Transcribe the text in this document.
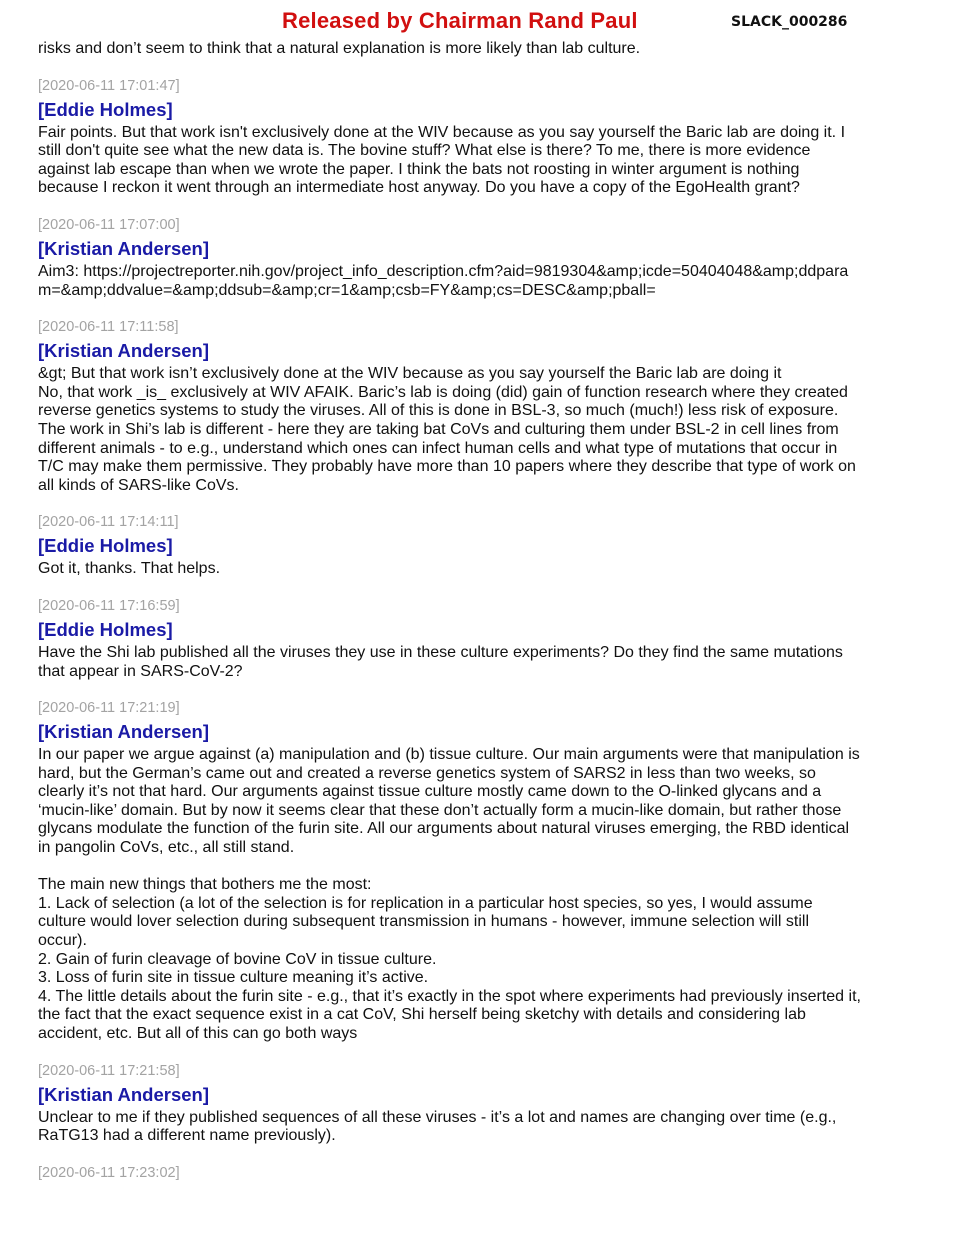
Released by Chairman Rand Paul	SLACK_000286
risks and don’t seem to think that a natural explanation is more likely than lab culture.
[2020-06-11 17:01:47]
[Eddie Holmes]
Fair points. But that work isn't exclusively done at the WIV because as you say yourself the Baric lab are doing it. I
still don't quite see what the new data is. The bovine stuff? What else is there? To me, there is more evidence
against lab escape than when we wrote the paper. I think the bats not roosting in winter argument is nothing
because I reckon it went through an intermediate host anyway. Do you have a copy of the EgoHealth grant?
[2020-06-11 17:07:00]
[Kristian Andersen]
Aim3: https://projectreporter.nih.gov/project_info_description.cfm?aid=9819304&amp;icde=50404048&amp;ddpara
m=&amp;ddvalue=&amp;ddsub=&amp;cr=1&amp;csb=FY&amp;cs=DESC&amp;pball=
[2020-06-11 17:11:58]
[Kristian Andersen]
&gt; But that work isn’t exclusively done at the WIV because as you say yourself the Baric lab are doing it
No, that work _is_ exclusively at WIV AFAIK. Baric’s lab is doing (did) gain of function research where they created
reverse genetics systems to study the viruses. All of this is done in BSL-3, so much (much!) less risk of exposure.
The work in Shi’s lab is different - here they are taking bat CoVs and culturing them under BSL-2 in cell lines from
different animals - to e.g., understand which ones can infect human cells and what type of mutations that occur in
T/C may make them permissive. They probably have more than 10 papers where they describe that type of work on
all kinds of SARS-like CoVs.
[2020-06-11 17:14:11]
[Eddie Holmes]
Got it, thanks. That helps.
[2020-06-11 17:16:59]
[Eddie Holmes]
Have the Shi lab published all the viruses they use in these culture experiments? Do they find the same mutations
that appear in SARS-CoV-2?
[2020-06-11 17:21:19]
[Kristian Andersen]
In our paper we argue against (a) manipulation and (b) tissue culture. Our main arguments were that manipulation is
hard, but the German’s came out and created a reverse genetics system of SARS2 in less than two weeks, so
clearly it’s not that hard. Our arguments against tissue culture mostly came down to the O-linked glycans and a
‘mucin-like’ domain. But by now it seems clear that these don’t actually form a mucin-like domain, but rather those
glycans modulate the function of the furin site. All our arguments about natural viruses emerging, the RBD identical
in pangolin CoVs, etc., all still stand.
The main new things that bothers me the most:
1. Lack of selection (a lot of the selection is for replication in a particular host species, so yes, I would assume
culture would lover selection during subsequent transmission in humans - however, immune selection will still
occur).
2. Gain of furin cleavage of bovine CoV in tissue culture.
3. Loss of furin site in tissue culture meaning it’s active.
4. The little details about the furin site - e.g., that it’s exactly in the spot where experiments had previously inserted it,
the fact that the exact sequence exist in a cat CoV, Shi herself being sketchy with details and considering lab
accident, etc. But all of this can go both ways
[2020-06-11 17:21:58]
[Kristian Andersen]
Unclear to me if they published sequences of all these viruses - it’s a lot and names are changing over time (e.g.,
RaTG13 had a different name previously).
[2020-06-11 17:23:02]
